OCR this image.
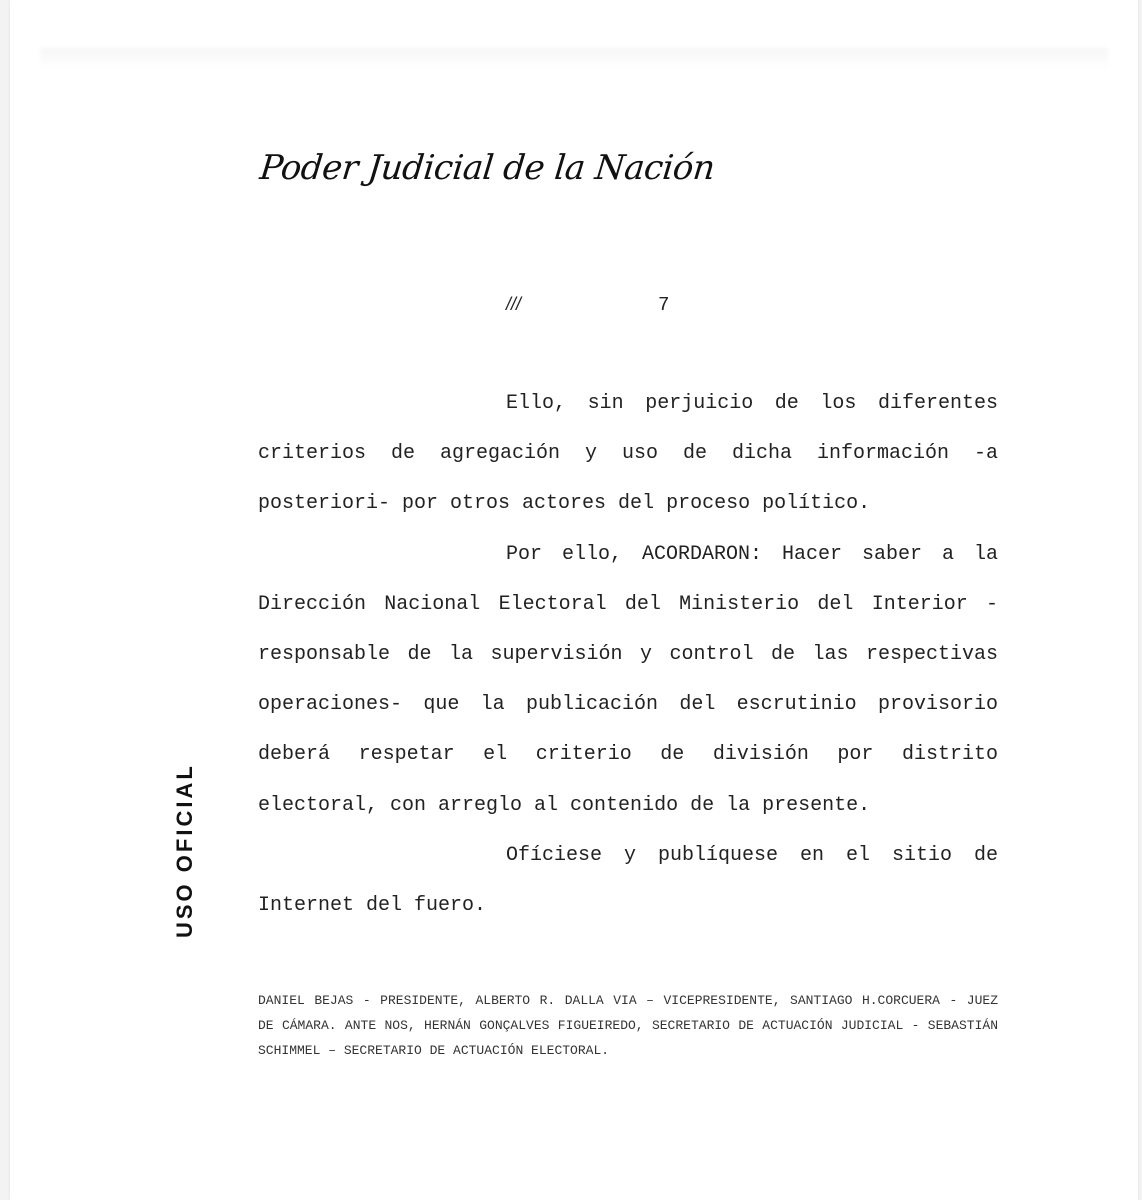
Poder Judicial de la Nación
///	7
USO OFICIAL

Ello, sin perjuicio de los diferentes criterios de agregación y uso de dicha información -a posteriori- por otros actores del proceso político.

Por ello, ACORDARON: Hacer saber a la Dirección Nacional Electoral del Ministerio del Interior -responsable de la supervisión y control de las respectivas operaciones- que la publicación del escrutinio provisorio deberá respetar el criterio de división por distrito electoral, con arreglo al contenido de la presente.

Ofíciese y publíquese en el sitio de Internet del fuero.

DANIEL BEJAS - PRESIDENTE, ALBERTO R. DALLA VIA – VICEPRESIDENTE, SANTIAGO H.CORCUERA - JUEZ DE CÁMARA. ANTE NOS, HERNÁN GONÇALVES FIGUEIREDO, SECRETARIO DE ACTUACIÓN JUDICIAL - SEBASTIÁN SCHIMMEL – SECRETARIO DE ACTUACIÓN ELECTORAL.
